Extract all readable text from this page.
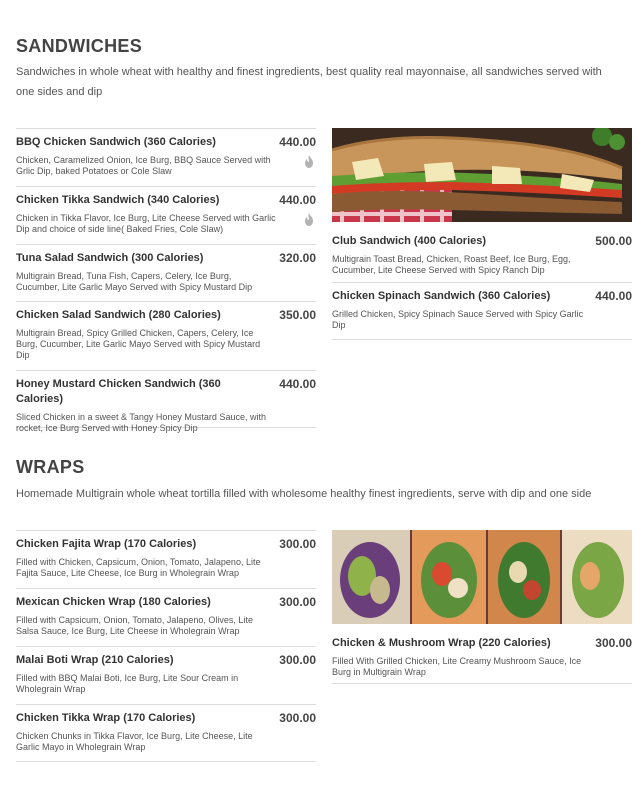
SANDWICHES
Sandwiches in whole wheat with healthy and finest ingredients, best quality real mayonnaise, all sandwiches served with one sides and dip
BBQ Chicken Sandwich (360 Calories)	440.00
Chicken, Caramelized Onion, Ice Burg, BBQ Sauce Served with Grlic Dip, baked Potatoes or Cole Slaw
Chicken Tikka Sandwich (340 Calories)	440.00
Chicken in Tikka Flavor, Ice Burg, Lite Cheese Served with Garlic Dip and choice of side line( Baked Fries, Cole Slaw)
Tuna Salad Sandwich (300 Calories)	320.00
Multigrain Bread, Tuna Fish, Capers, Celery, Ice Burg, Cucumber, Lite Garlic Mayo Served with Spicy Mustard Dip
Chicken Salad Sandwich (280 Calories)	350.00
Multigrain Bread, Spicy Grilled Chicken, Capers, Celery, Ice Burg, Cucumber, Lite Garlic Mayo Served with Spicy Mustard Dip
Honey Mustard Chicken Sandwich (360 Calories)
440.00
Sliced Chicken in a sweet & Tangy Honey Mustard Sauce, with rocket, Ice Burg Served with Honey Spicy Dip
Club Sandwich (400 Calories)	500.00
Multigrain Toast Bread, Chicken, Roast Beef, Ice Burg, Egg, Cucumber, Lite Cheese Served with Spicy Ranch Dip
Chicken Spinach Sandwich (360 Calories)	440.00
Grilled Chicken, Spicy Spinach Sauce Served with Spicy Garlic Dip
WRAPS
Homemade Multigrain whole wheat tortilla filled with wholesome healthy finest ingredients, serve with dip and one side
Chicken Fajita Wrap (170 Calories)	300.00
Filled with Chicken, Capsicum, Onion, Tomato, Jalapeno, Lite Fajita Sauce, Lite Cheese, Ice Burg in Wholegrain Wrap
Mexican Chicken Wrap (180 Calories)	300.00
Filled with Capsicum, Onion, Tomato, Jalapeno, Olives, Lite Salsa Sauce, Ice Burg, Lite Cheese in Wholegrain Wrap
Malai Boti Wrap (210 Calories)	300.00
Filled with BBQ Malai Boti, Ice Burg, Lite Sour Cream in Wholegrain Wrap
Chicken Tikka Wrap (170 Calories)	300.00
Chicken Chunks in Tikka Flavor, Ice Burg, Lite Cheese, Lite Garlic Mayo in Wholegrain Wrap
Chicken & Mushroom Wrap (220 Calories)	300.00
Filled With Grilled Chicken, Lite Creamy Mushroom Sauce, Ice Burg in Multigrain Wrap
